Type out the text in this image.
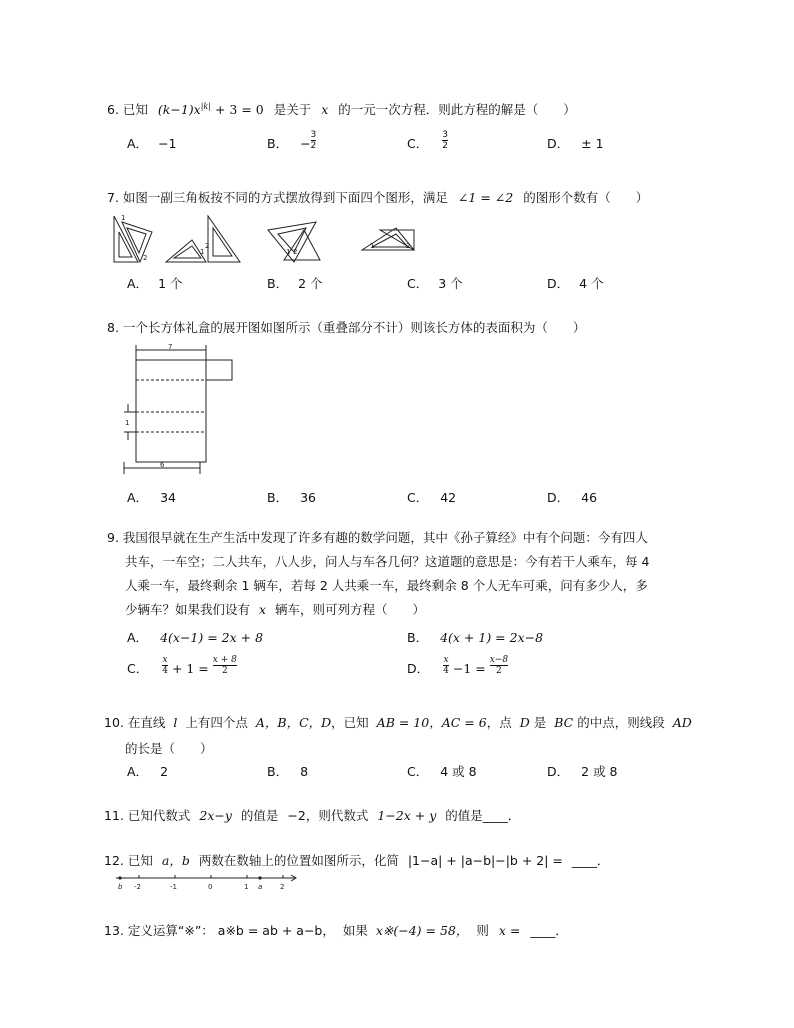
6. 已知 $(k-1)x^{|k|} + 3 = 0$ 是关于 x 的一元一次方程．则此方程的解是（　　）
A． −1	B． − $\frac{3}{2}$	C． $\frac{3}{2}$	D． ± 1
7. 如图一副三角板按不同的方式摆放得到下面四个图形，满足 ∠1 = ∠2 的图形个数有（　　）
1
2
1
2
1 2
1	2
A． 1 个	B． 2 个	C． 3 个	D． 4 个
8. 一个长方体礼盒的展开图如图所示（重叠部分不计）则该长方体的表面积为（　　）
7
1
6
A． 34	B． 36	C． 42	D． 46
9. 我国很早就在生产生活中发现了许多有趣的数学问题，其中《孙子算经》中有个问题：今有四人
共车，一车空；二人共车，八人步，问人与车各几何？这道题的意思是：今有若干人乘车，每 4
人乘一车，最终剩余 1 辆车，若每 2 人共乘一车，最终剩余 8 个人无车可乘，问有多少人，多
少辆车？如果我们设有 x 辆车，则可列方程（　　）
A． 4(x−1) = 2x + 8	B． 4(x + 1) = 2x−8
C． $\frac{x}{4} + 1 = \frac{x + 8}{2}$	D． $\frac{x}{4} -1 = \frac{x-8}{2}$
10. 在直线 l 上有四个点 A，B，C，D，已知 AB = 10，AC = 6，点 D 是 BC 的中点，则线段 AD
的长是（　　）
A． 2	B． 8	C． 4 或 8	D． 2 或 8
11. 已知代数式 2x−y 的值是 −2，则代数式 1−2x + y 的值是____．
12. 已知 a，b 两数在数轴上的位置如图所示，化简 |1−a| + |a−b|−|b + 2| = ____．
b -2	-1	0	1 a	2
13. 定义运算“※”： a※b = ab + a−b， 如果 x※(−4) = 58， 则 x = ____．
